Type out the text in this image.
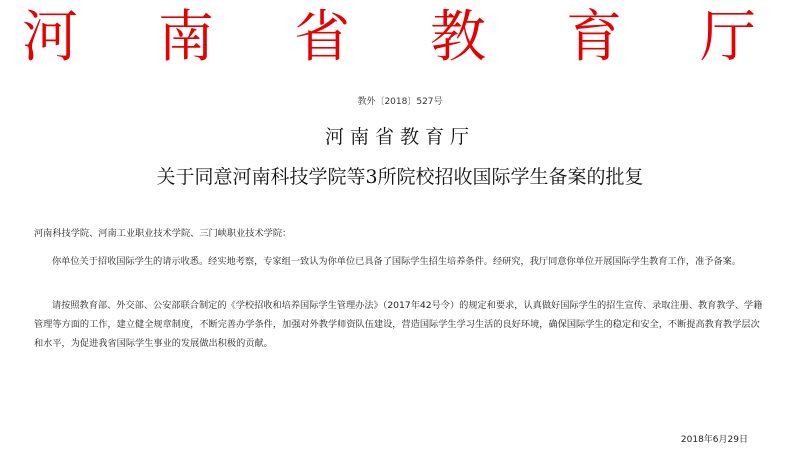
河 南 省 教 育 厅
教外〔2018〕527号
河南省教育厅
关于同意河南科技学院等3所院校招收国际学生备案的批复

河南科技学院、河南工业职业技术学院、三门峡职业技术学院：

你单位关于招收国际学生的请示收悉。经实地考察，专家组一致认为你单位已具备了国际学生招生培养条件。经研究，我厅同意你单位开展国际学生教育工作，准予备案。

请按照教育部、外交部、公安部联合制定的《学校招收和培养国际学生管理办法》（2017年42号令）的规定和要求，认真做好国际学生的招生宣传、录取注册、教育教学、学籍管理等方面的工作，建立健全规章制度，不断完善办学条件，加强对外教学师资队伍建设，营造国际学生学习生活的良好环境，确保国际学生的稳定和安全，不断提高教育教学层次和水平，为促进我省国际学生事业的发展做出积极的贡献。

2018年6月29日
